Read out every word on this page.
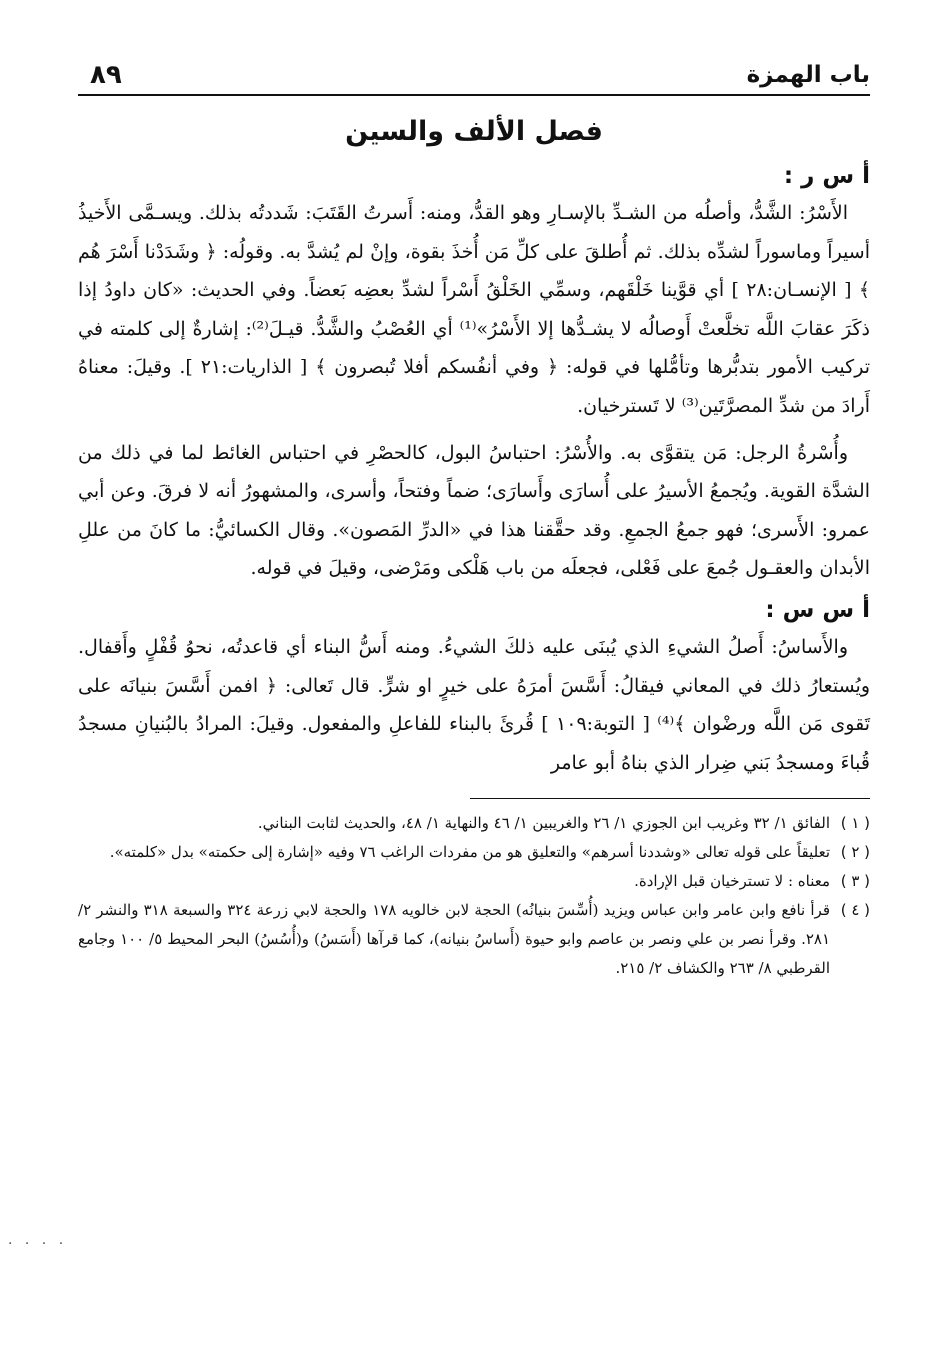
باب الهمزة
٨٩
فصل الألف والسين
أ س ر :

الأَسْرُ: الشَّدُّ، وأصلُه من الشـدِّ بالإسـارِ وهو القدُّ، ومنه: أَسرتُ القَتَبَ: شَددتُه بذلك. ويسـمَّى الأَخيذُ أسيراً وماسوراً لشدِّه بذلك. ثم أُطلقَ على كلِّ مَن أُخذَ بقوة، وإنْ لم يُشدَّ به. وقولُه: ﴿ وشَدَدْنا أَسْرَ هُم ﴾ [ الإنسـان:٢٨ ] أي قوَّينا خَلْقَهم، وسمِّي الخَلْقُ أَسْراً لشدِّ بعضِه بَعضاً. وفي الحديث: «كان داودُ إذا ذكَرَ عقابَ اللَّه تخلَّعتْ أَوصالُه لا يشـدُّها إلا الأَسْرُ»⁽¹⁾ أي العُصْبُ والشَّدُّ. قيـلَ⁽²⁾: إشارةٌ إلى كلمته في تركيب الأمور بتدبُّرها وتأمُّلها في قوله: ﴿ وفي أنفُسكم أفلا تُبصرون ﴾ [ الذاريات:٢١ ]. وقيلَ: معناهُ أَرادَ من شدِّ المصرَّتَين⁽³⁾ لا تَسترخيان.

وأُسْرةُ الرجل: مَن يتقوَّى به. والأُسْرُ: احتباسُ البول، كالحصْرِ في احتباس الغائط لما في ذلك من الشدَّة القوية. ويُجمعُ الأسيرُ على أُسارَى وأَسارَى؛ ضماً وفتحاً، وأسرى، والمشهورُ أنه لا فرقَ. وعن أبي عمرو: الأَسرى؛ فهو جمعُ الجمعِ. وقد حقَّقنا هذا في «الدرِّ المَصون». وقال الكسائيُّ: ما كانَ من عللِ الأبدان والعقـول جُمعَ على فَعْلى، فجعلَه من باب هَلْكى ومَرْضى، وقيلَ في قوله.

أ س س :

والأَساسُ: أَصلُ الشيءِ الذي يُبنَى عليه ذلكَ الشيءُ. ومنه أَسُّ البناء أي قاعدتُه، نحوُ قُفْلٍ وأَقفال. ويُستعارُ ذلك في المعاني فيقالُ: أَسَّسَ أمرَهُ على خيرٍ او شرٍّ. قال تَعالى: ﴿ افمن أَسَّسَ بنيانَه على تَقوى مَن اللَّه ورضْوان ﴾⁽⁴⁾ [ التوبة:١٠٩ ] قُرئَ بالبناء للفاعلِ والمفعول. وقيلَ: المرادُ بالبُنيانِ مسجدُ قُباءَ ومسجدُ بَني ضِرار الذي بناهُ أبو عامر

( ١ )
الفائق ١/ ٣٢ وغريب ابن الجوزي ١/ ٢٦ والغريبين ١/ ٤٦ والنهاية ١/ ٤٨، والحديث لثابت البناني.
( ٢ )
تعليقاً على قوله تعالى «وشددنا أسرهم» والتعليق هو من مفردات الراغب ٧٦ وفيه «إشارة إلى حكمته» بدل «كلمته».
( ٣ )
معناه : لا تسترخيان قبل الإرادة.
( ٤ )
قرأ نافع وابن عامر وابن عباس ويزيد (أُسِّسَ بنيانُه) الحجة لابن خالويه ١٧٨ والحجة لابي زرعة ٣٢٤ والسبعة ٣١٨ والنشر ٢/ ٢٨١. وقرأ نصر بن علي ونصر بن عاصم وابو حيوة (أَساسُ بنيانه)، كما قرآها (أَسَسُ) و(أُسُسُ) البحر المحيط ٥/ ١٠٠ وجامع القرطبي ٨/ ٢٦٣ والكشاف ٢/ ٢١٥.
· · · ·
